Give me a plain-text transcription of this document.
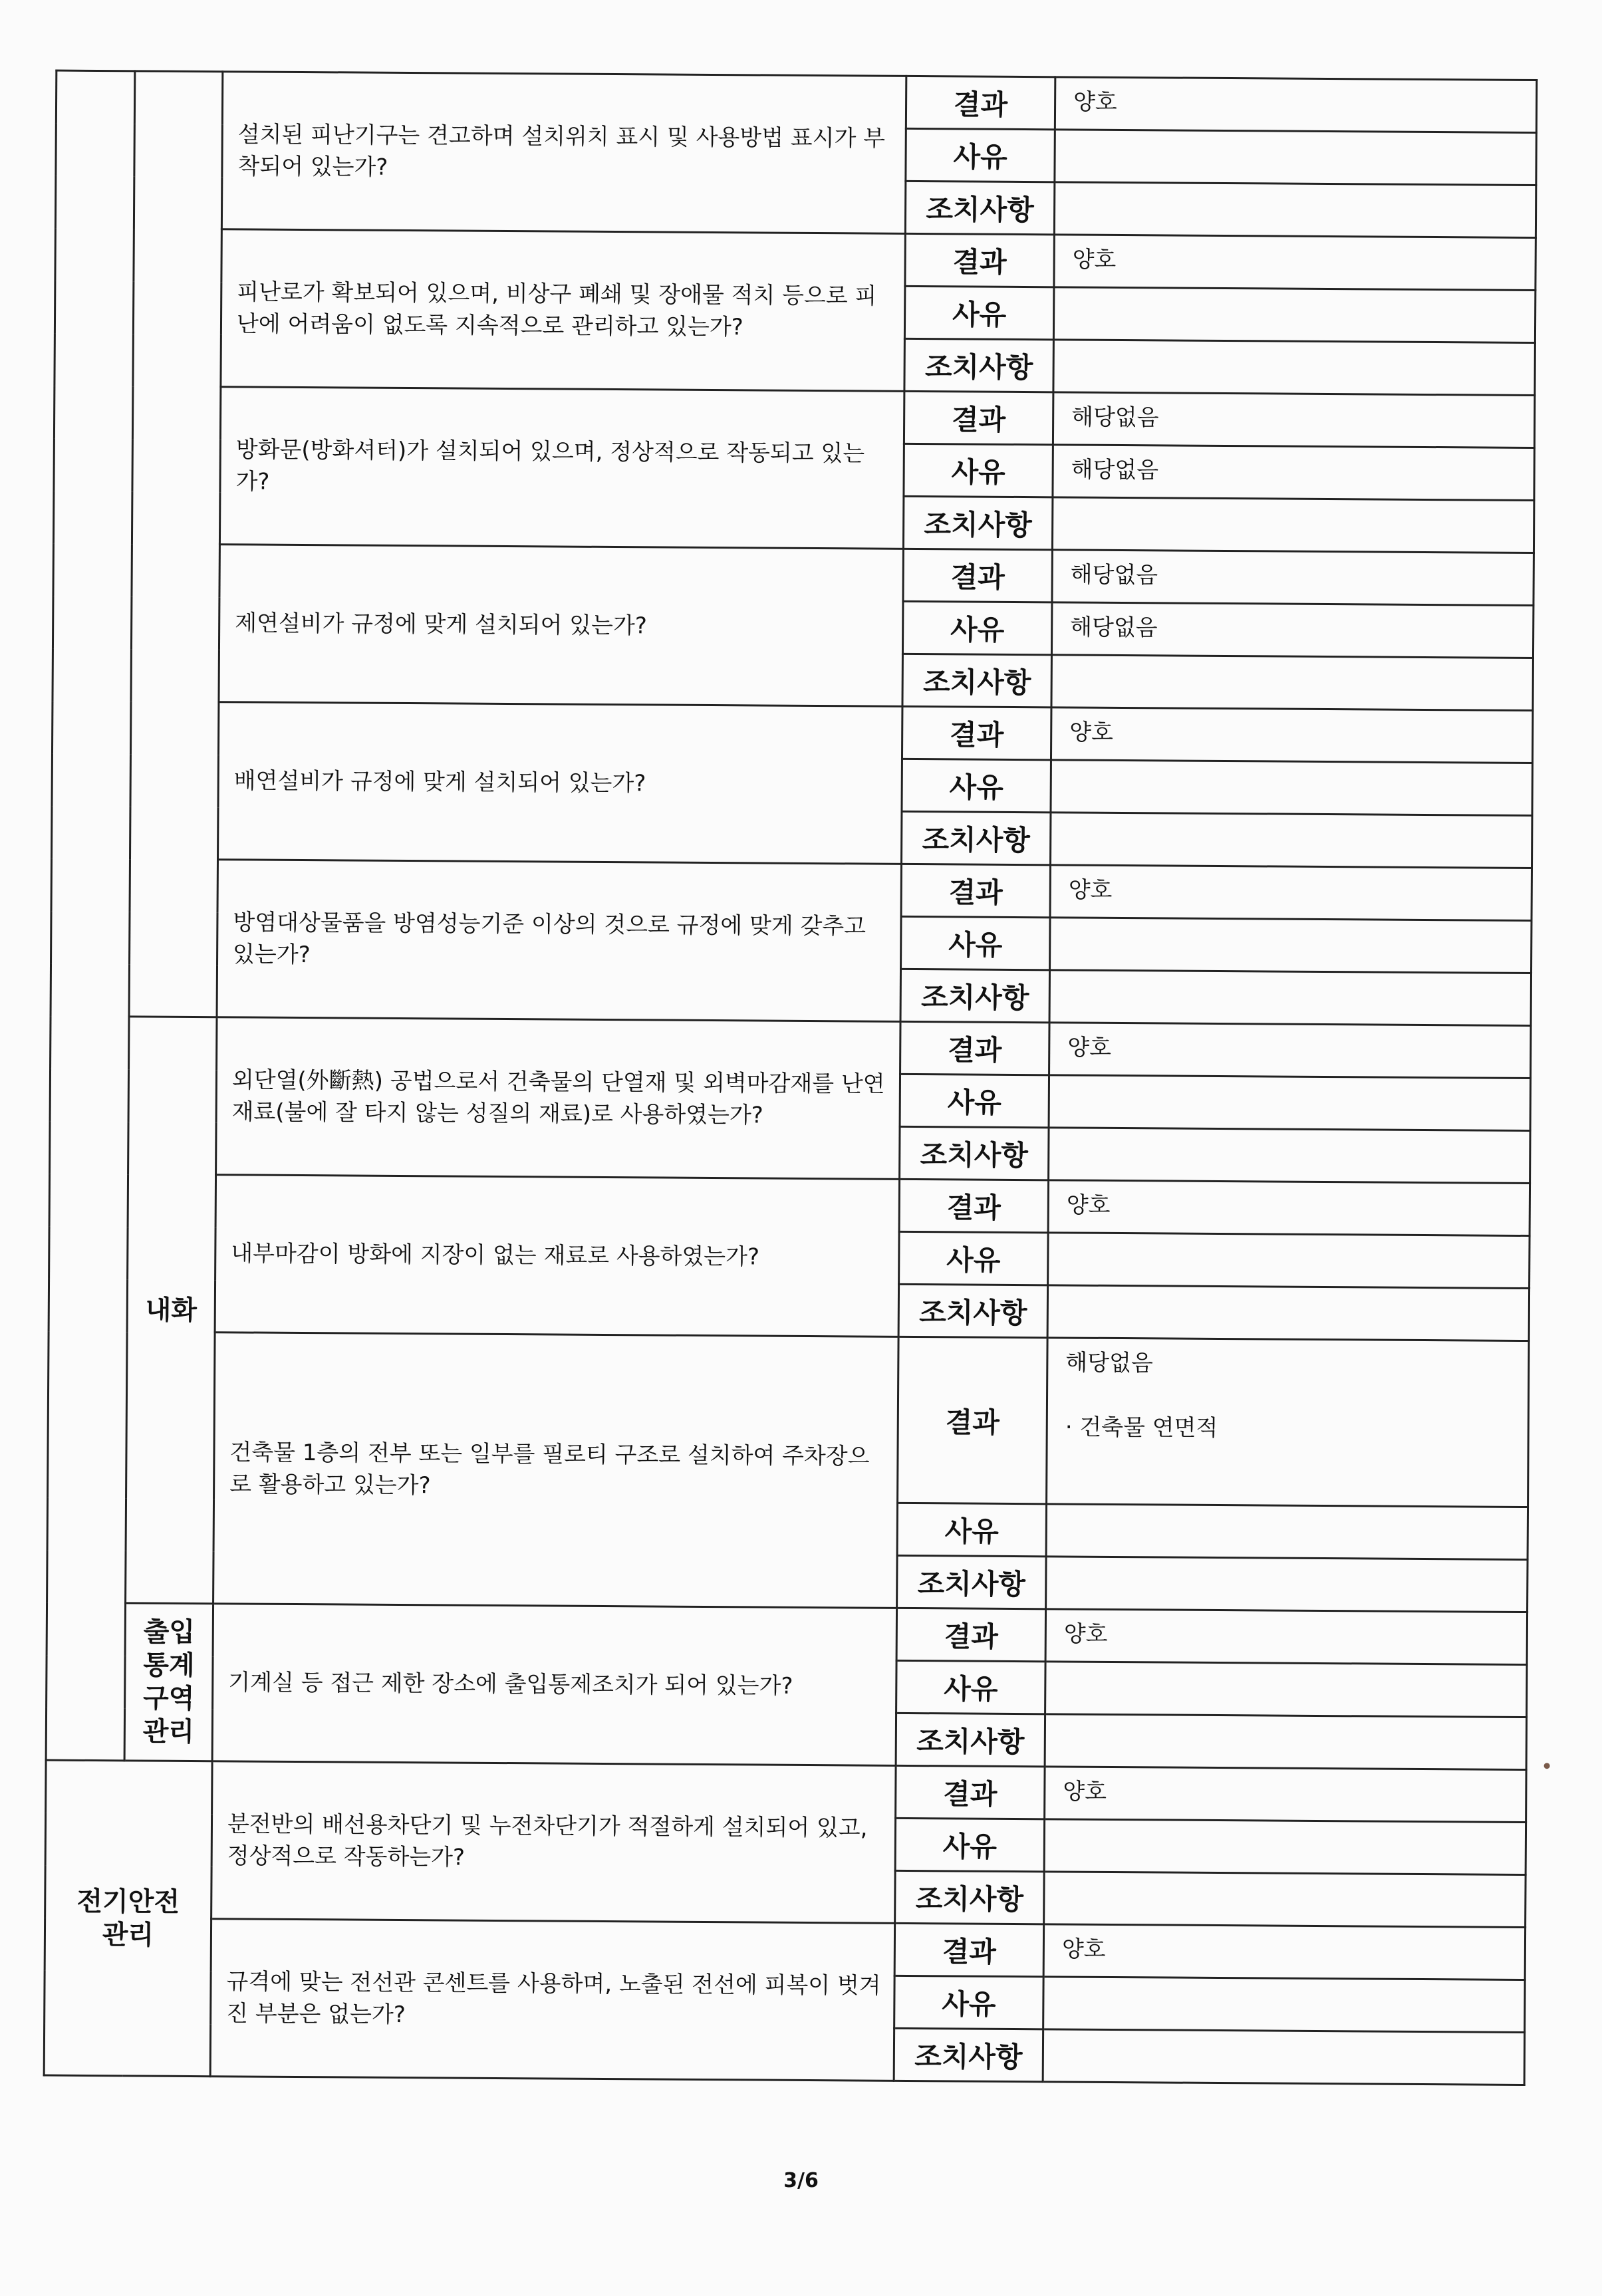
		설치된 피난기구는 견고하며 설치위치 표시 및 사용방법 표시가 부착되어 있는가?	결과	양호
			사유	
			조치사항	
		피난로가 확보되어 있으며, 비상구 폐쇄 및 장애물 적치 등으로 피난에 어려움이 없도록 지속적으로 관리하고 있는가?	결과	양호
			사유	
			조치사항	
		방화문(방화셔터)가 설치되어 있으며, 정상적으로 작동되고 있는가?	결과	해당없음
			사유	해당없음
			조치사항	
		제연설비가 규정에 맞게 설치되어 있는가?	결과	해당없음
			사유	해당없음
			조치사항	
		배연설비가 규정에 맞게 설치되어 있는가?	결과	양호
			사유	
			조치사항	
		방염대상물품을 방염성능기준 이상의 것으로 규정에 맞게 갖추고 있는가?	결과	양호
			사유	
			조치사항	
	내화	외단열(外斷熱) 공법으로서 건축물의 단열재 및 외벽마감재를 난연재료(불에 잘 타지 않는 성질의 재료)로 사용하였는가?	결과	양호
			사유	
			조치사항	
		내부마감이 방화에 지장이 없는 재료로 사용하였는가?	결과	양호
			사유	
			조치사항	
		건축물 1층의 전부 또는 일부를 필로티 구조로 설치하여 주차장으로 활용하고 있는가?	결과	해당없음
· 건축물 연면적

			사유	
			조치사항	
	출입
통계
구역
관리	기계실 등 접근 제한 장소에 출입통제조치가 되어 있는가?	결과	양호
			사유	
			조치사항	
전기안전
관리		분전반의 배선용차단기 및 누전차단기가 적절하게 설치되어 있고, 정상적으로 작동하는가?	결과	양호
			사유	
			조치사항	
		규격에 맞는 전선관 콘센트를 사용하며, 노출된 전선에 피복이 벗겨진 부분은 없는가?	결과	양호
			사유	
			조치사항	
3/6
